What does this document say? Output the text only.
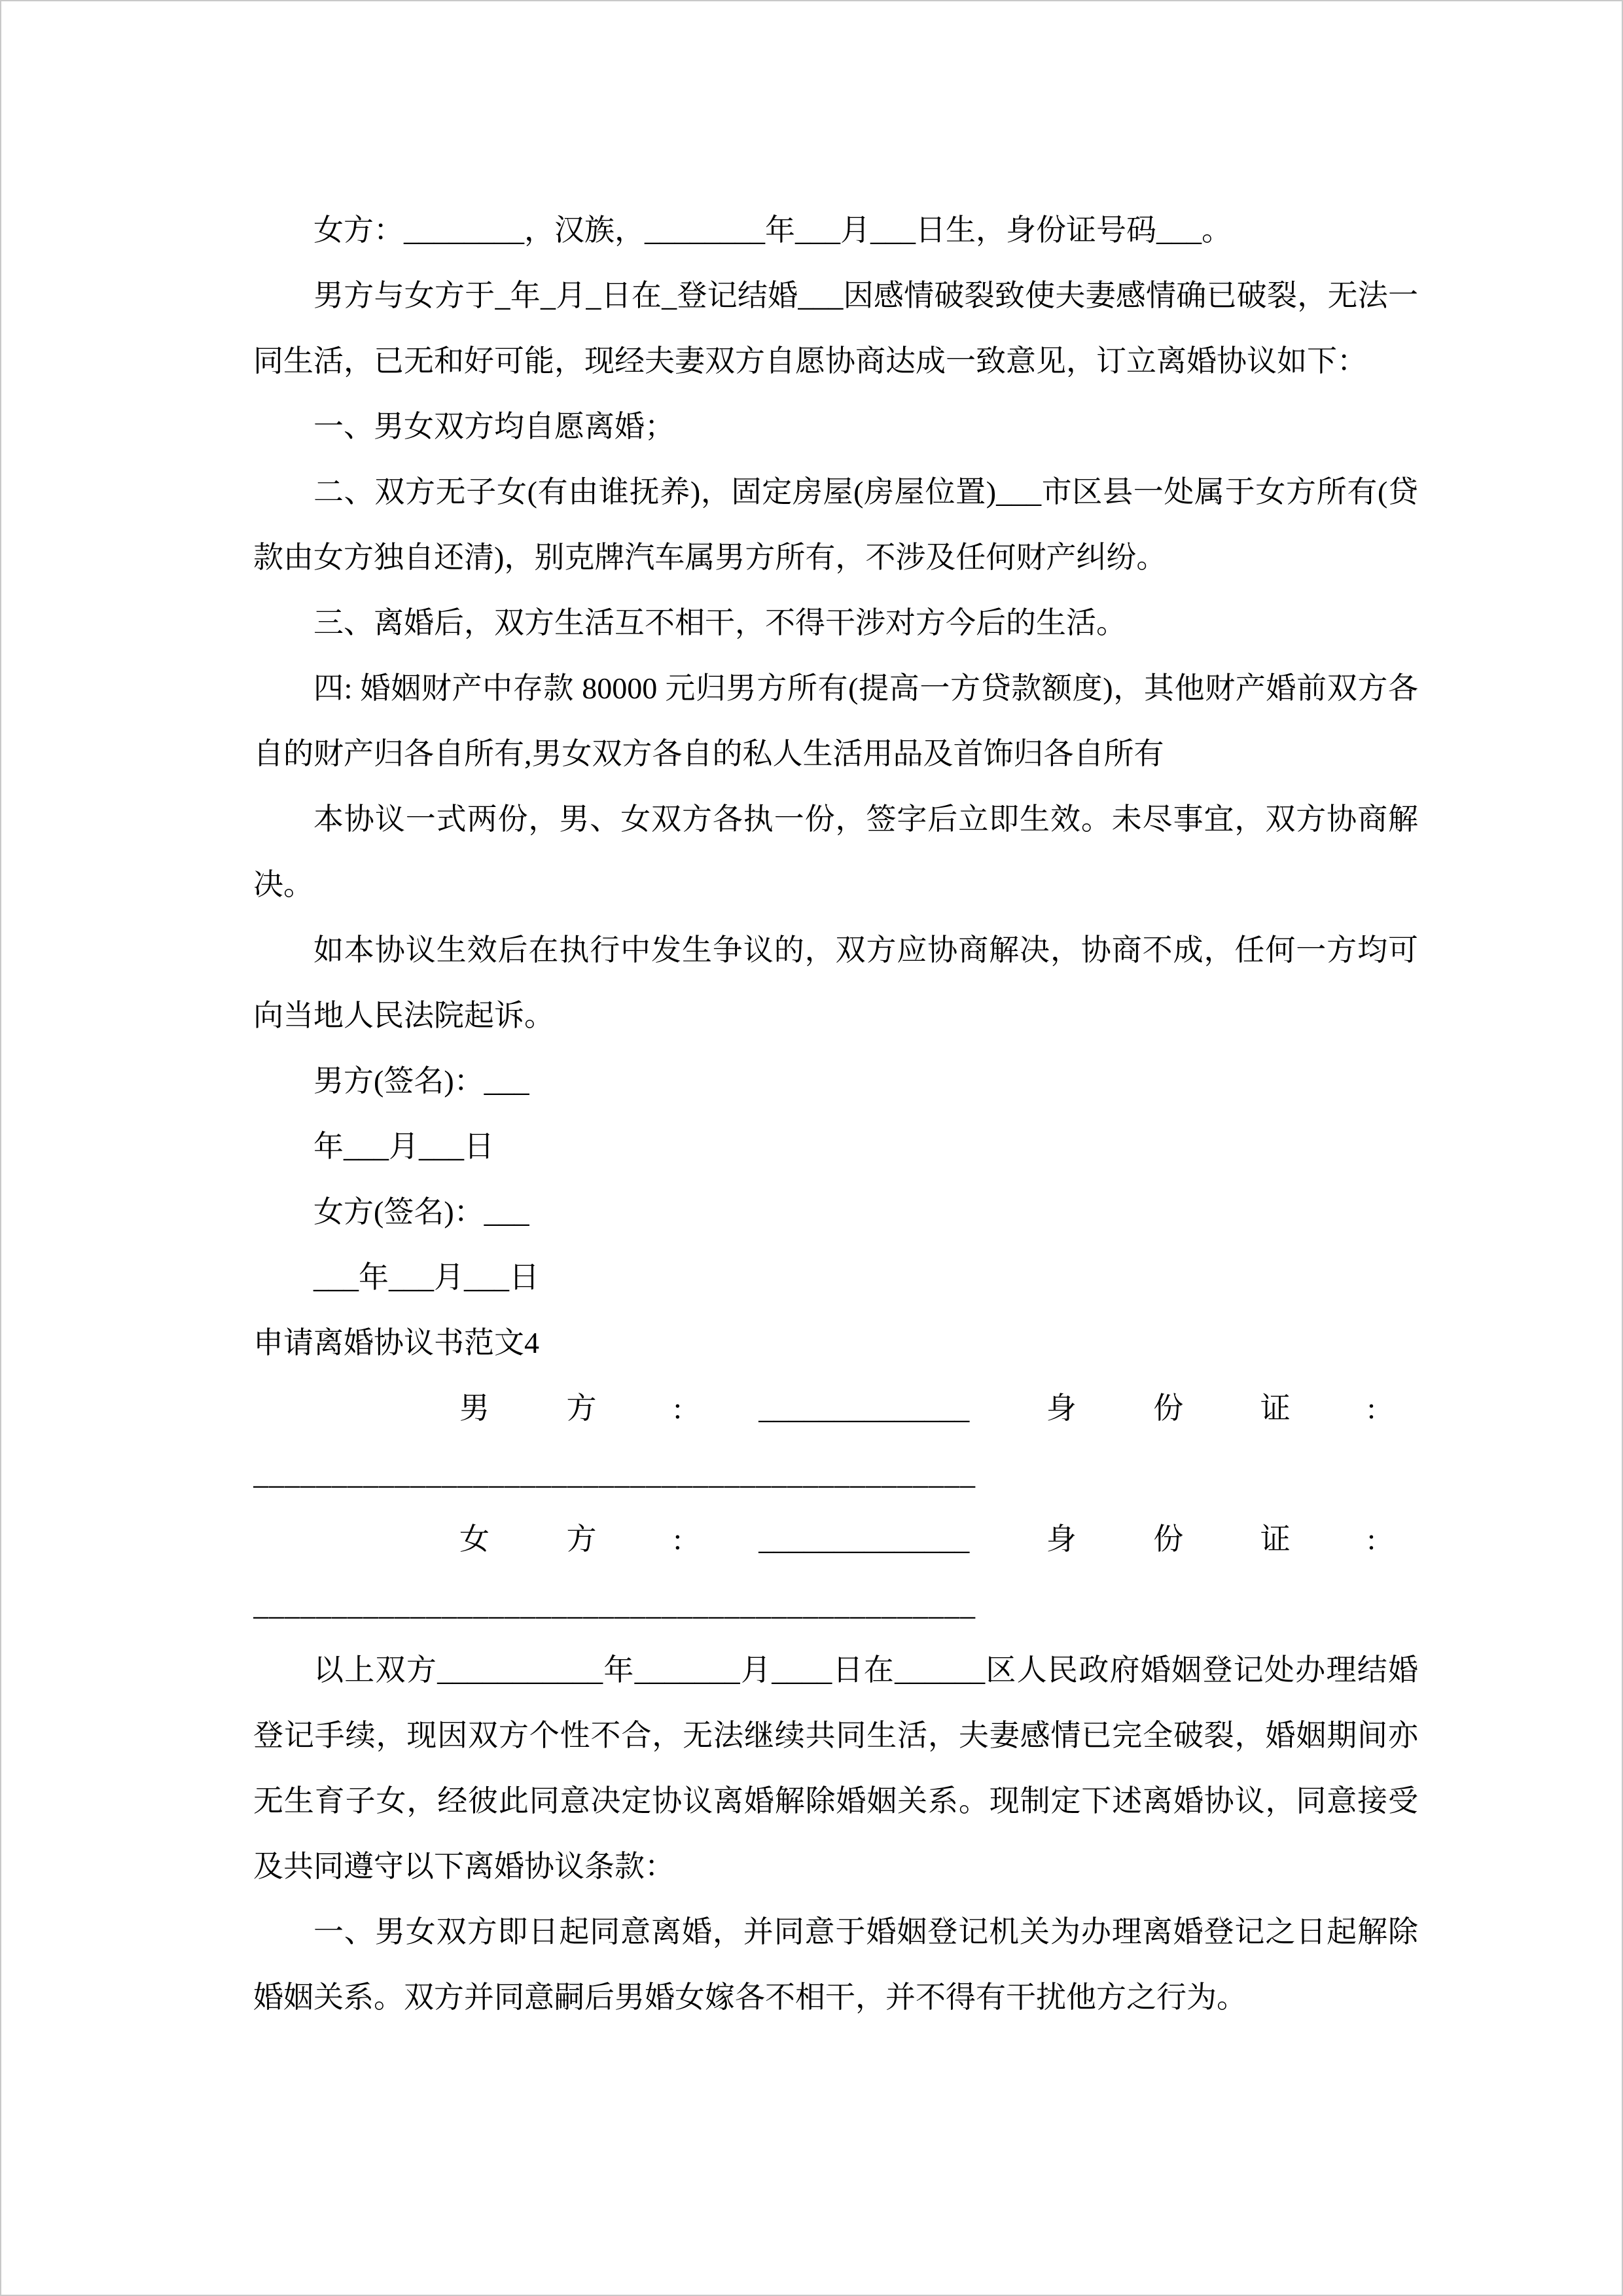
女方：________，汉族，________年___月___日生，身份证号码___。

男方与女方于_年_月_日在_登记结婚___因感情破裂致使夫妻感情确已破裂，无法一同生活，已无和好可能，现经夫妻双方自愿协商达成一致意见，订立离婚协议如下：

一、男女双方均自愿离婚；

二、双方无子女(有由谁抚养)，固定房屋(房屋位置)___市区县一处属于女方所有(贷款由女方独自还清)，别克牌汽车属男方所有，不涉及任何财产纠纷。

三、离婚后，双方生活互不相干，不得干涉对方今后的生活。

四: 婚姻财产中存款 80000 元归男方所有(提高一方贷款额度)，其他财产婚前双方各自的财产归各自所有,男女双方各自的私人生活用品及首饰归各自所有

本协议一式两份，男、女双方各执一份，签字后立即生效。未尽事宜，双方协商解决。

如本协议生效后在执行中发生争议的，双方应协商解决，协商不成，任何一方均可向当地人民法院起诉。

男方(签名)：___

年___月___日

女方(签名)：___

___年___月___日

申请离婚协议书范文4

男	方	:	______________	身	份	证	:

______________________________________________

女	方	:	______________	身	份	证	:

______________________________________________

以上双方___________年_______月____日在______区人民政府婚姻登记处办理结婚登记手续，现因双方个性不合，无法继续共同生活，夫妻感情已完全破裂，婚姻期间亦无生育子女，经彼此同意决定协议离婚解除婚姻关系。现制定下述离婚协议，同意接受及共同遵守以下离婚协议条款：

一、男女双方即日起同意离婚，并同意于婚姻登记机关为办理离婚登记之日起解除婚姻关系。双方并同意嗣后男婚女嫁各不相干，并不得有干扰他方之行为。
